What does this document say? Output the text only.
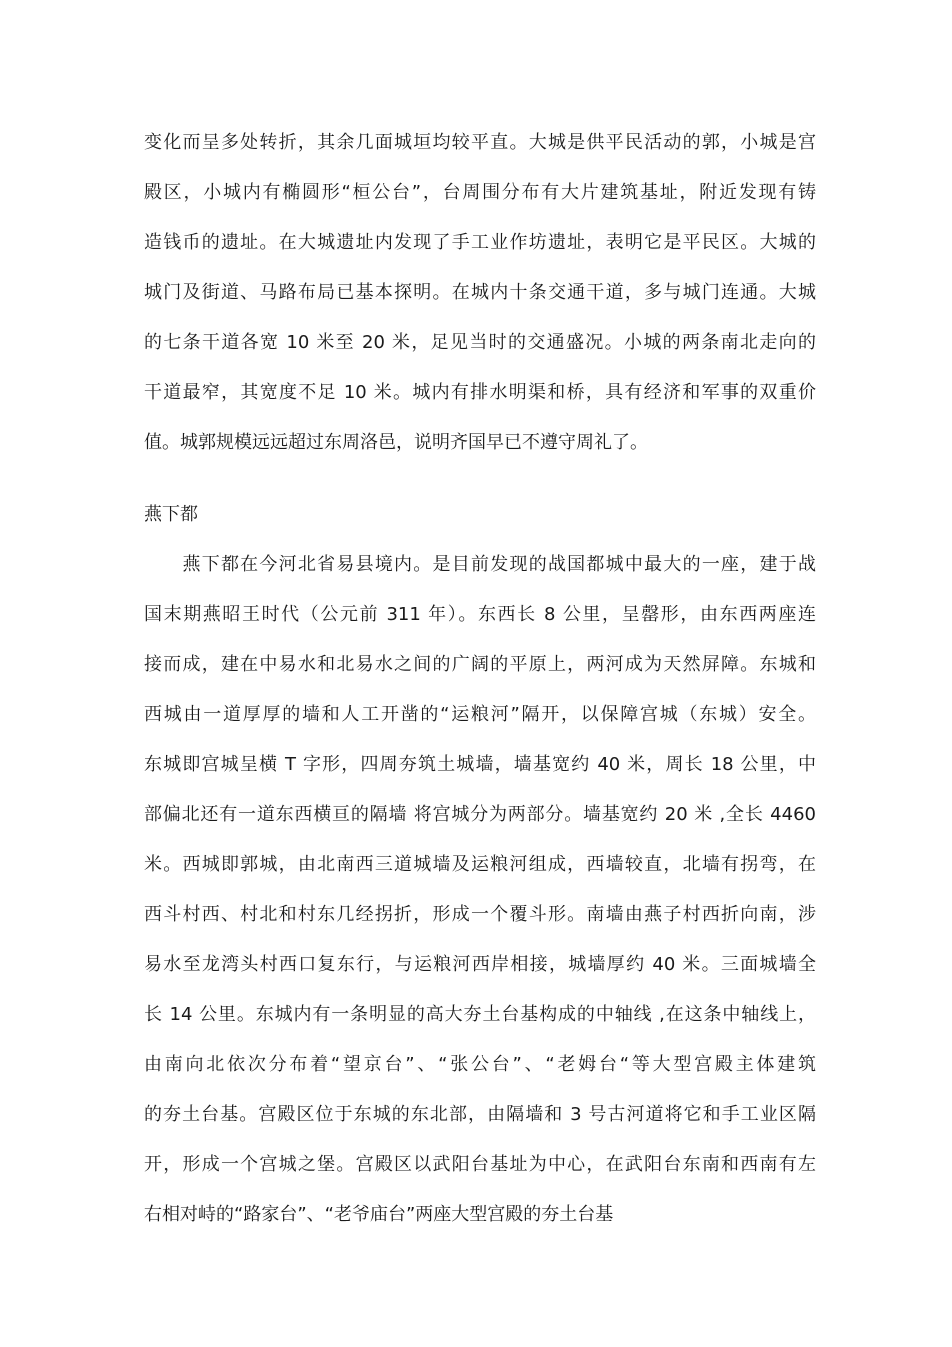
变化而呈多处转折，其余几面城垣均较平直。大城是供平民活动的郭，小城是宫
殿区，小城内有椭圆形“桓公台”，台周围分布有大片建筑基址，附近发现有铸
造钱币的遗址。在大城遗址内发现了手工业作坊遗址，表明它是平民区。大城的
城门及街道、马路布局已基本探明。在城内十条交通干道，多与城门连通。大城
的七条干道各宽 10 米至 20 米，足见当时的交通盛况。小城的两条南北走向的
干道最窄，其宽度不足 10 米。城内有排水明渠和桥，具有经济和军事的双重价
值。城郭规模远远超过东周洛邑，说明齐国早已不遵守周礼了。
燕下都
　　燕下都在今河北省易县境内。是目前发现的战国都城中最大的一座，建于战
国末期燕昭王时代（公元前 311 年）。东西长 8 公里，呈罄形，由东西两座连
接而成，建在中易水和北易水之间的广阔的平原上，两河成为天然屏障。东城和
西城由一道厚厚的墙和人工开凿的“运粮河”隔开，以保障宫城（东城）安全。
东城即宫城呈横 T 字形，四周夯筑土城墙，墙基宽约 40 米，周长 18 公里，中
部偏北还有一道东西横亘的隔墙 将宫城分为两部分。墙基宽约 20 米 ,全长 4460
米。西城即郭城，由北南西三道城墙及运粮河组成，西墙较直，北墙有拐弯，在
西斗村西、村北和村东几经拐折，形成一个覆斗形。南墙由燕子村西折向南，涉
易水至龙湾头村西口复东行，与运粮河西岸相接，城墙厚约 40 米。三面城墙全
长 14 公里。东城内有一条明显的高大夯土台基构成的中轴线 ,在这条中轴线上，
由南向北依次分布着“望京台”、“张公台”、“老姆台“等大型宫殿主体建筑
的夯土台基。宫殿区位于东城的东北部，由隔墙和 3 号古河道将它和手工业区隔
开，形成一个宫城之堡。宫殿区以武阳台基址为中心，在武阳台东南和西南有左
右相对峙的“路家台”、“老爷庙台”两座大型宫殿的夯土台基
